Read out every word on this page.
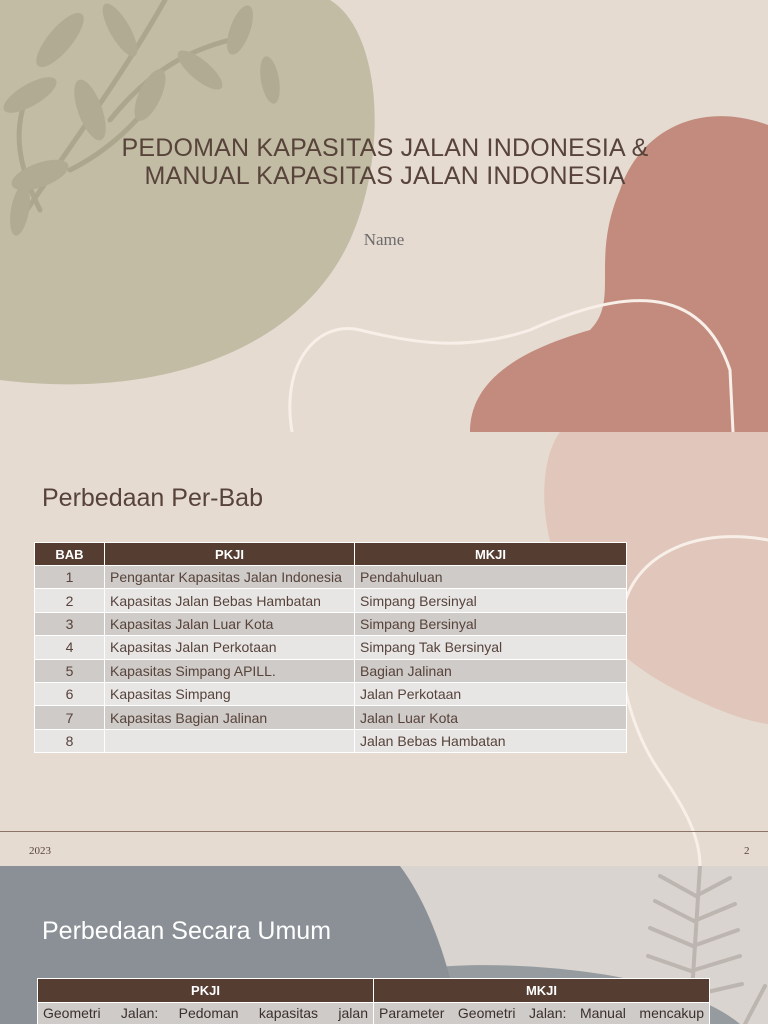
PEDOMAN KAPASITAS JALAN INDONESIA &
MANUAL KAPASITAS JALAN INDONESIA
Name
Perbedaan Per-Bab
BAB	PKJI	MKJI
1	Pengantar Kapasitas Jalan Indonesia	Pendahuluan
2	Kapasitas Jalan Bebas Hambatan	Simpang Bersinyal
3	Kapasitas Jalan Luar Kota	Simpang Bersinyal
4	Kapasitas Jalan Perkotaan	Simpang Tak Bersinyal
5	Kapasitas Simpang APILL.	Bagian Jalinan
6	Kapasitas Simpang	Jalan Perkotaan
7	Kapasitas Bagian Jalinan	Jalan Luar Kota
8		Jalan Bebas Hambatan
2023	2
Perbedaan Secara Umum
PKJI	MKJI
Geometri Jalan: Pedoman kapasitas jalan	Parameter Geometri Jalan: Manual mencakup
